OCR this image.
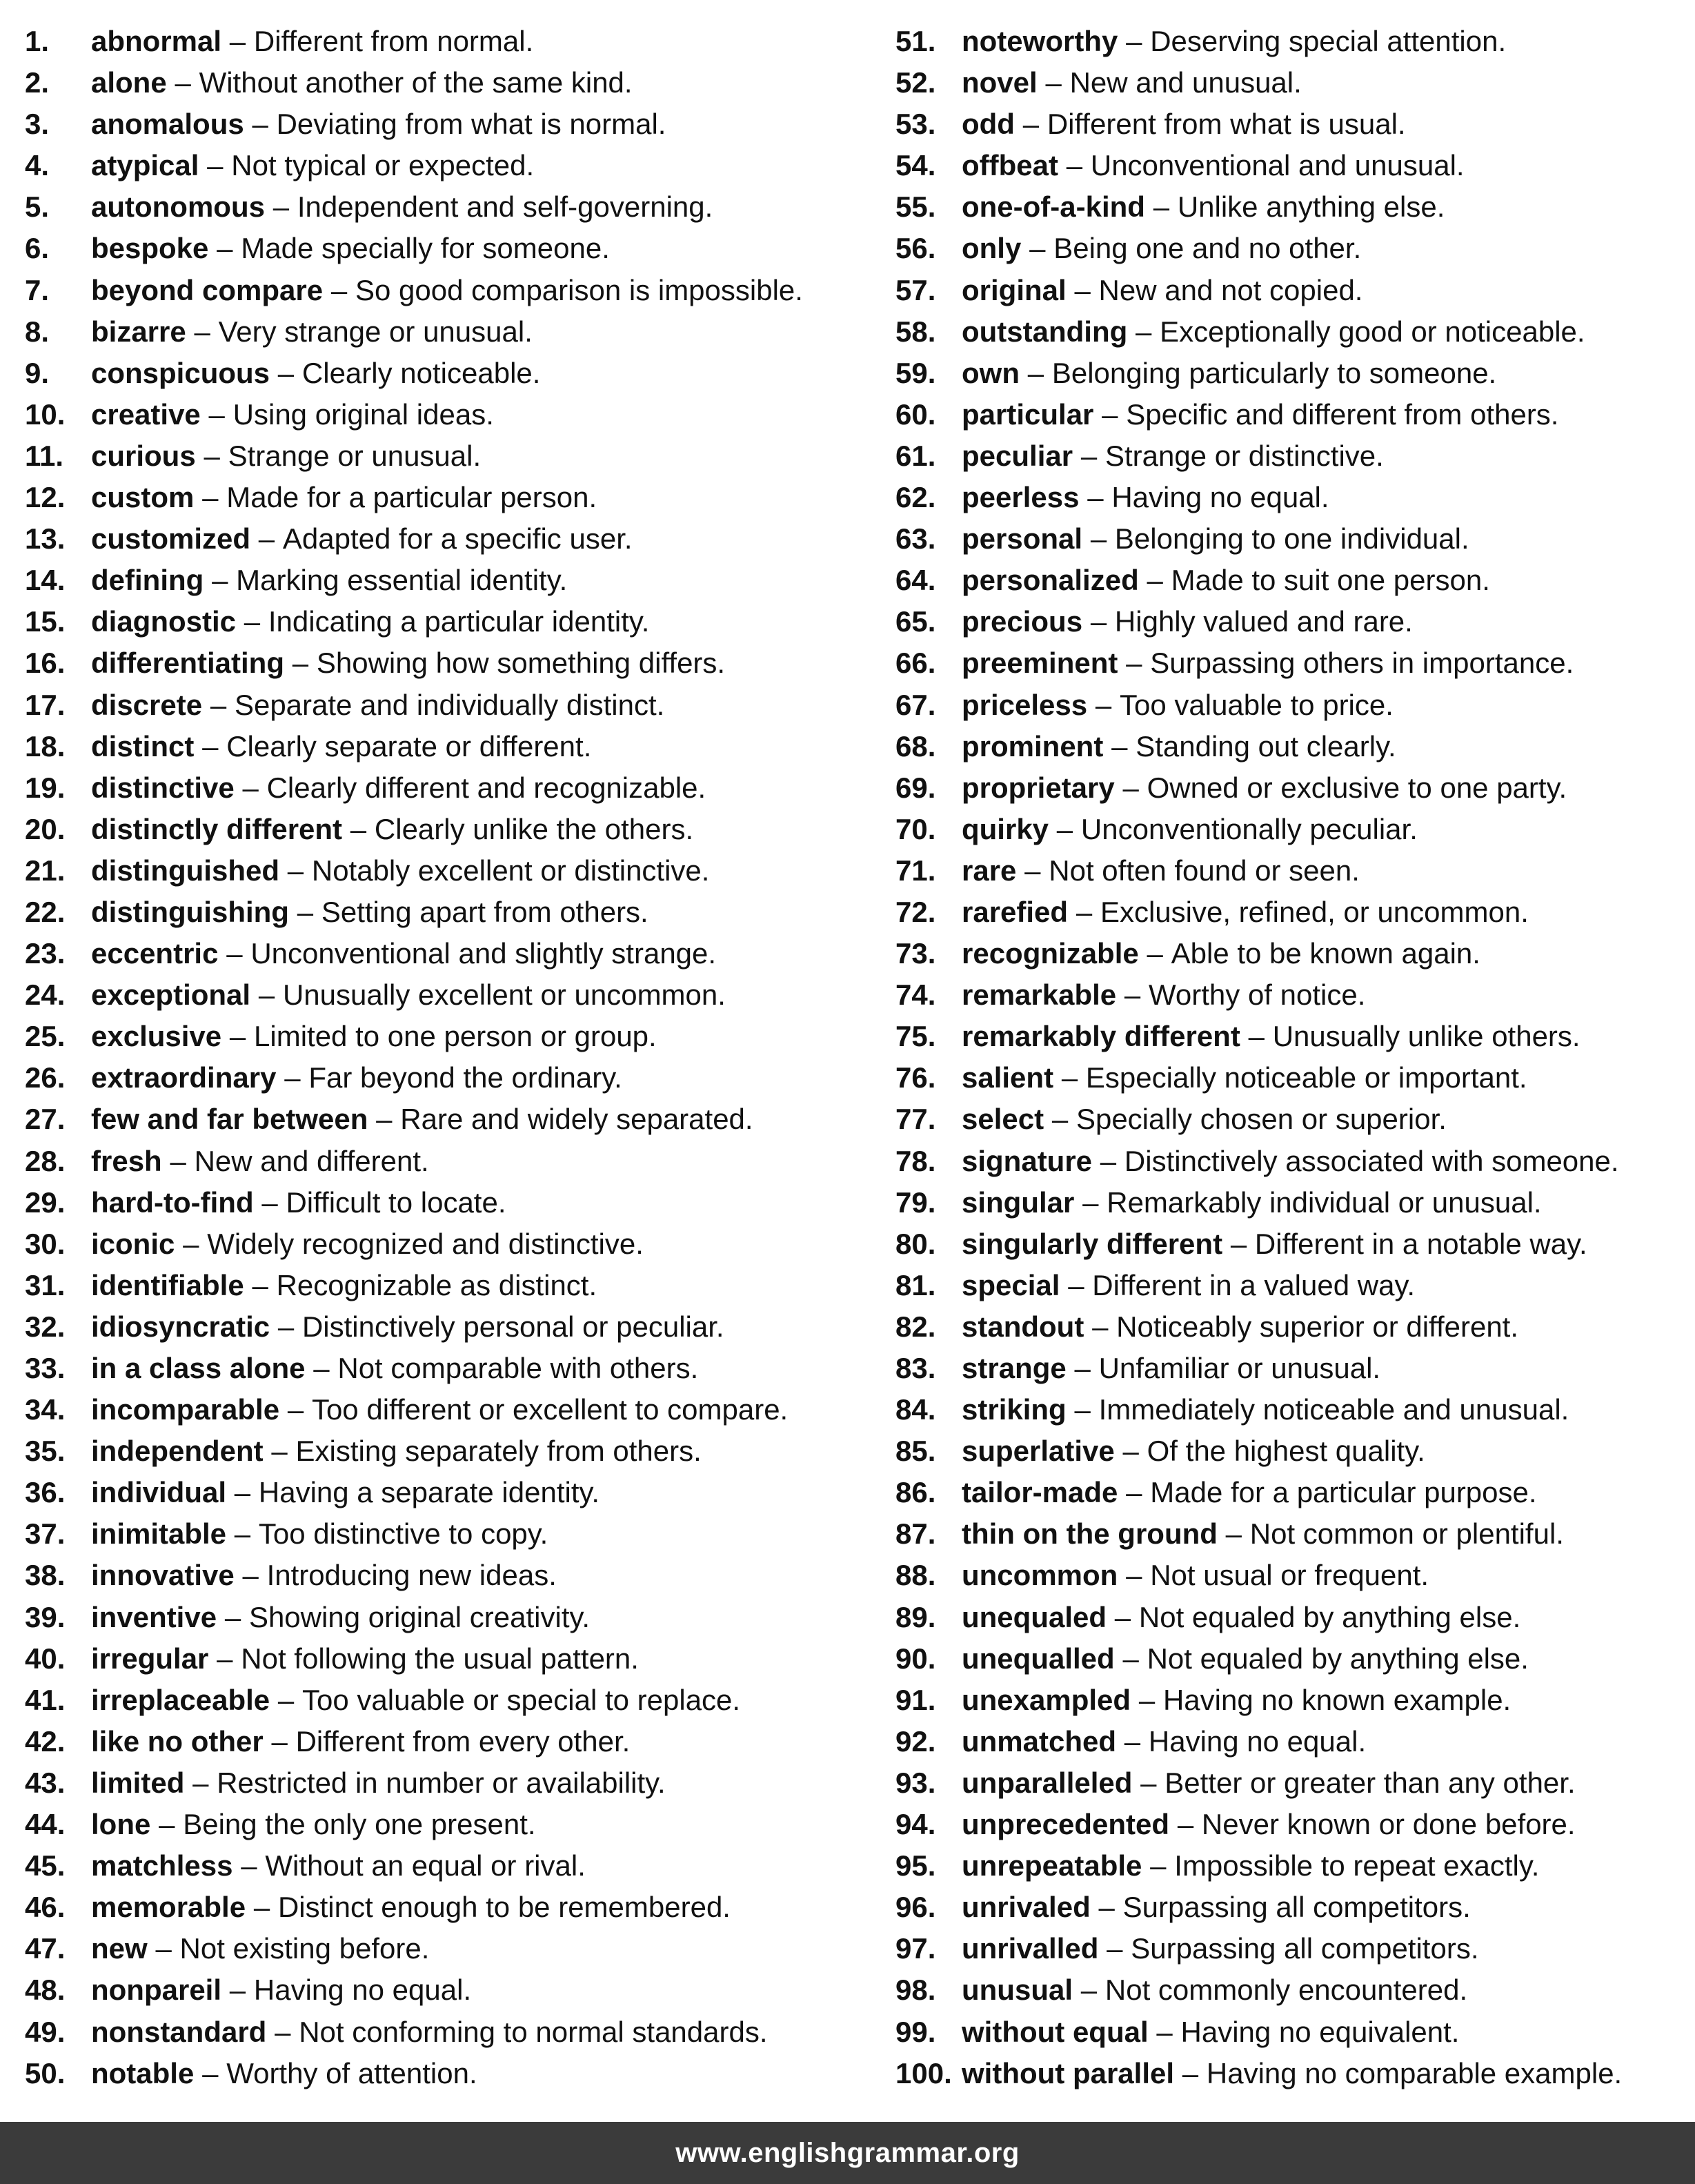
1. abnormal – Different from normal.
2. alone – Without another of the same kind.
3. anomalous – Deviating from what is normal.
4. atypical – Not typical or expected.
5. autonomous – Independent and self-governing.
6. bespoke – Made specially for someone.
7. beyond compare – So good comparison is impossible.
8. bizarre – Very strange or unusual.
9. conspicuous – Clearly noticeable.
10. creative – Using original ideas.
11. curious – Strange or unusual.
12. custom – Made for a particular person.
13. customized – Adapted for a specific user.
14. defining – Marking essential identity.
15. diagnostic – Indicating a particular identity.
16. differentiating – Showing how something differs.
17. discrete – Separate and individually distinct.
18. distinct – Clearly separate or different.
19. distinctive – Clearly different and recognizable.
20. distinctly different – Clearly unlike the others.
21. distinguished – Notably excellent or distinctive.
22. distinguishing – Setting apart from others.
23. eccentric – Unconventional and slightly strange.
24. exceptional – Unusually excellent or uncommon.
25. exclusive – Limited to one person or group.
26. extraordinary – Far beyond the ordinary.
27. few and far between – Rare and widely separated.
28. fresh – New and different.
29. hard-to-find – Difficult to locate.
30. iconic – Widely recognized and distinctive.
31. identifiable – Recognizable as distinct.
32. idiosyncratic – Distinctively personal or peculiar.
33. in a class alone – Not comparable with others.
34. incomparable – Too different or excellent to compare.
35. independent – Existing separately from others.
36. individual – Having a separate identity.
37. inimitable – Too distinctive to copy.
38. innovative – Introducing new ideas.
39. inventive – Showing original creativity.
40. irregular – Not following the usual pattern.
41. irreplaceable – Too valuable or special to replace.
42. like no other – Different from every other.
43. limited – Restricted in number or availability.
44. lone – Being the only one present.
45. matchless – Without an equal or rival.
46. memorable – Distinct enough to be remembered.
47. new – Not existing before.
48. nonpareil – Having no equal.
49. nonstandard – Not conforming to normal standards.
50. notable – Worthy of attention.
51. noteworthy – Deserving special attention.
52. novel – New and unusual.
53. odd – Different from what is usual.
54. offbeat – Unconventional and unusual.
55. one-of-a-kind – Unlike anything else.
56. only – Being one and no other.
57. original – New and not copied.
58. outstanding – Exceptionally good or noticeable.
59. own – Belonging particularly to someone.
60. particular – Specific and different from others.
61. peculiar – Strange or distinctive.
62. peerless – Having no equal.
63. personal – Belonging to one individual.
64. personalized – Made to suit one person.
65. precious – Highly valued and rare.
66. preeminent – Surpassing others in importance.
67. priceless – Too valuable to price.
68. prominent – Standing out clearly.
69. proprietary – Owned or exclusive to one party.
70. quirky – Unconventionally peculiar.
71. rare – Not often found or seen.
72. rarefied – Exclusive, refined, or uncommon.
73. recognizable – Able to be known again.
74. remarkable – Worthy of notice.
75. remarkably different – Unusually unlike others.
76. salient – Especially noticeable or important.
77. select – Specially chosen or superior.
78. signature – Distinctively associated with someone.
79. singular – Remarkably individual or unusual.
80. singularly different – Different in a notable way.
81. special – Different in a valued way.
82. standout – Noticeably superior or different.
83. strange – Unfamiliar or unusual.
84. striking – Immediately noticeable and unusual.
85. superlative – Of the highest quality.
86. tailor-made – Made for a particular purpose.
87. thin on the ground – Not common or plentiful.
88. uncommon – Not usual or frequent.
89. unequaled – Not equaled by anything else.
90. unequalled – Not equaled by anything else.
91. unexampled – Having no known example.
92. unmatched – Having no equal.
93. unparalleled – Better or greater than any other.
94. unprecedented – Never known or done before.
95. unrepeatable – Impossible to repeat exactly.
96. unrivaled – Surpassing all competitors.
97. unrivalled – Surpassing all competitors.
98. unusual – Not commonly encountered.
99. without equal – Having no equivalent.
100. without parallel – Having no comparable example.
www.englishgrammar.org
